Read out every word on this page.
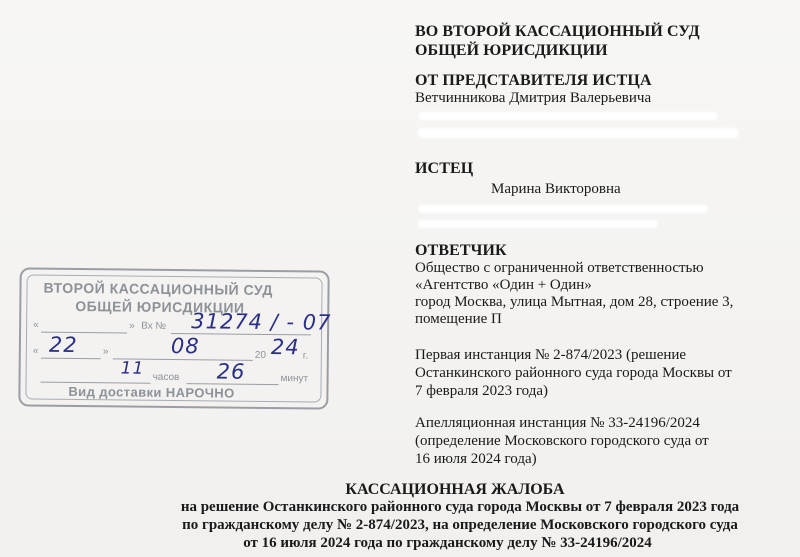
ВО ВТОРОЙ КАССАЦИОННЫЙ СУД
ОБЩЕЙ ЮРИСДИКЦИИ
ОТ ПРЕДСТАВИТЕЛЯ ИСТЦА
Ветчинникова Дмитрия Валерьевича
ИСТЕЦ
Марина Викторовна
ОТВЕТЧИК
Общество с ограниченной ответственностью
«Агентство «Один + Один»
город Москва, улица Мытная, дом 28, строение 3,
помещение П
Первая инстанция № 2-874/2023 (решение
Останкинского районного суда города Москвы от
7 февраля 2023 года)
Апелляционная инстанция № 33-24196/2024
(определение Московского городского суда от
16 июля 2024 года)
ВТОРОЙ КАССАЦИОННЫЙ СУД
ОБЩЕЙ ЮРИСДИКЦИИ
«	» Вх № 31274 / - 07
« 22	»	08	20 24 г.
11 часов 26	минут
Вид доставки НАРОЧНО
КАССАЦИОННАЯ ЖАЛОБА
на решение Останкинского районного суда города Москвы от 7 февраля 2023 года
по гражданскому делу № 2-874/2023, на определение Московского городского суда
от 16 июля 2024 года по гражданскому делу № 33-24196/2024
